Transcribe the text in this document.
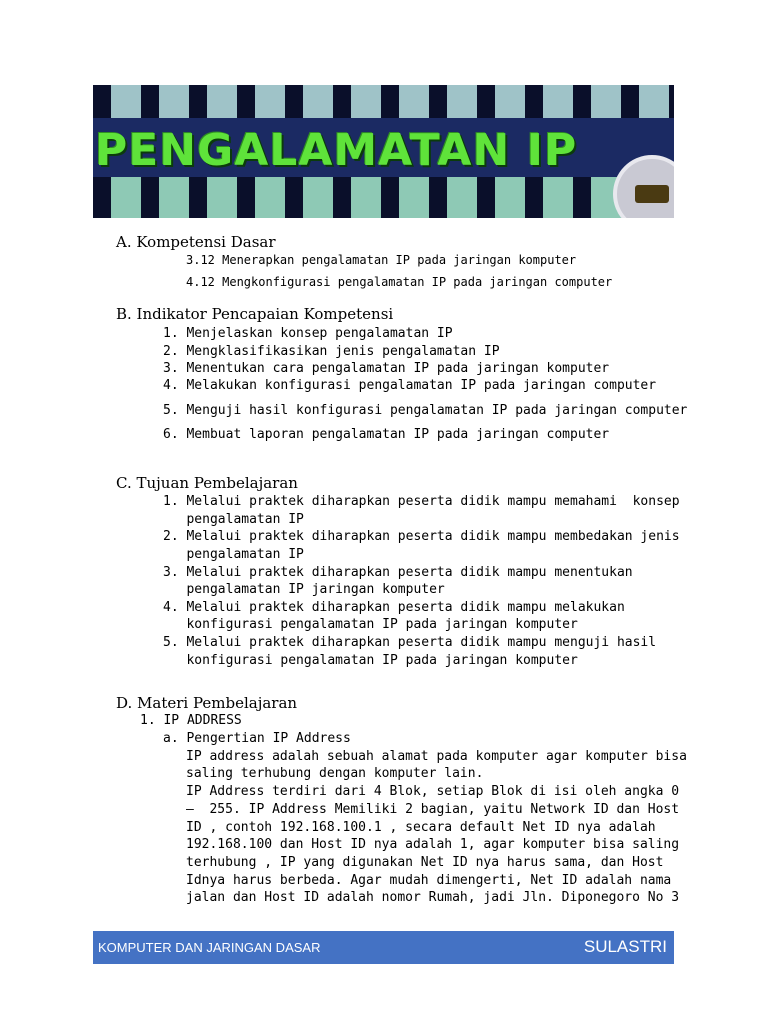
PENGALAMATAN IP
A. Kompetensi Dasar
3.12 Menerapkan pengalamatan IP pada jaringan komputer
4.12 Mengkonfigurasi pengalamatan IP pada jaringan computer
B. Indikator Pencapaian Kompetensi
1. Menjelaskan konsep pengalamatan IP
2. Mengklasifikasikan jenis pengalamatan IP
3. Menentukan cara pengalamatan IP pada jaringan komputer
4. Melakukan konfigurasi pengalamatan IP pada jaringan computer
5. Menguji hasil konfigurasi pengalamatan IP pada jaringan computer
6. Membuat laporan pengalamatan IP pada jaringan computer
C. Tujuan Pembelajaran
1. Melalui praktek diharapkan peserta didik mampu memahami  konsep
pengalamatan IP
2. Melalui praktek diharapkan peserta didik mampu membedakan jenis
pengalamatan IP
3. Melalui praktek diharapkan peserta didik mampu menentukan
pengalamatan IP jaringan komputer
4. Melalui praktek diharapkan peserta didik mampu melakukan
konfigurasi pengalamatan IP pada jaringan komputer
5. Melalui praktek diharapkan peserta didik mampu menguji hasil
konfigurasi pengalamatan IP pada jaringan komputer
D. Materi Pembelajaran
1. IP ADDRESS
a. Pengertian IP Address
IP address adalah sebuah alamat pada komputer agar komputer bisa
saling terhubung dengan komputer lain.
IP Address terdiri dari 4 Blok, setiap Blok di isi oleh angka 0
–  255. IP Address Memiliki 2 bagian, yaitu Network ID dan Host
ID , contoh 192.168.100.1 , secara default Net ID nya adalah
192.168.100 dan Host ID nya adalah 1, agar komputer bisa saling
terhubung , IP yang digunakan Net ID nya harus sama, dan Host
Idnya harus berbeda. Agar mudah dimengerti, Net ID adalah nama
jalan dan Host ID adalah nomor Rumah, jadi Jln. Diponegoro No 3
KOMPUTER DAN JARINGAN DASAR	SULASTRI
